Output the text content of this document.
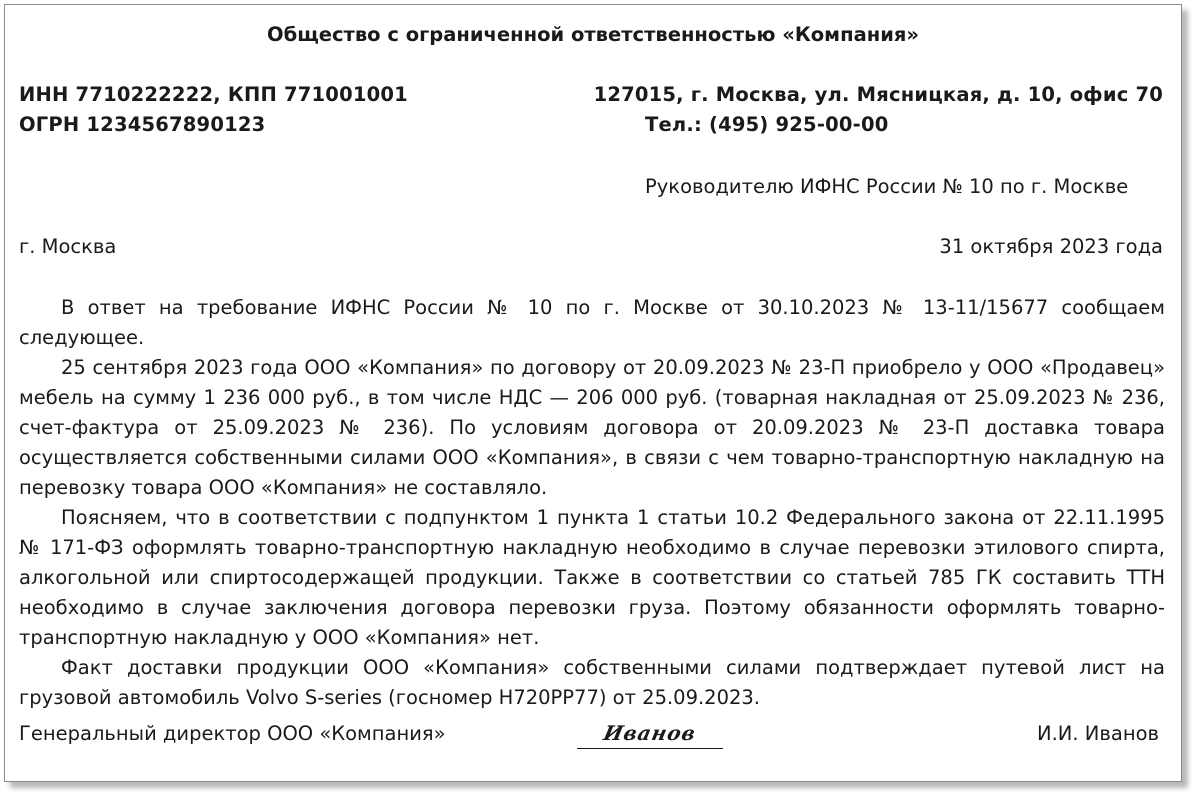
Общество с ограниченной ответственностью «Компания»
ИНН 7710222222, КПП 771001001
ОГРН 1234567890123
127015, г. Москва, ул. Мясницкая, д. 10, офис 70
Тел.: (495) 925-00-00
Руководителю ИФНС России № 10 по г. Москве
г. Москва	31 октября 2023 года

В ответ на требование ИФНС России № 10 по г. Москве от 30.10.2023 № 13-11/15677 сообщаем следующее.

25 сентября 2023 года ООО «Компания» по договору от 20.09.2023 № 23-П приобрело у ООО «Продавец» мебель на сумму 1 236 000 руб., в том числе НДС — 206 000 руб. (товарная накладная от 25.09.2023 № 236, счет-фактура от 25.09.2023 № 236). По условиям договора от 20.09.2023 № 23-П доставка товара осуществляется собственными силами ООО «Компания», в связи с чем товарно-транспортную накладную на перевозку товара ООО «Компания» не составляло.

Поясняем, что в соответствии с подпунктом 1 пункта 1 статьи 10.2 Федерального закона от 22.11.1995 № 171-ФЗ оформлять товарно-транспортную накладную необходимо в случае перевозки этилового спирта, алкогольной или спиртосодержащей продукции. Также в соответствии со статьей 785 ГК составить ТТН необходимо в случае заключения договора перевозки груза. Поэтому обязанности оформлять товарно-транспортную накладную у ООО «Компания» нет.

Факт доставки продукции ООО «Компания» собственными силами подтверждает путевой лист на грузовой автомобиль Volvo S-series (госномер Н720РР77) от 25.09.2023.

Генеральный директор ООО «Компания»	Иванов	И.И. Иванов
